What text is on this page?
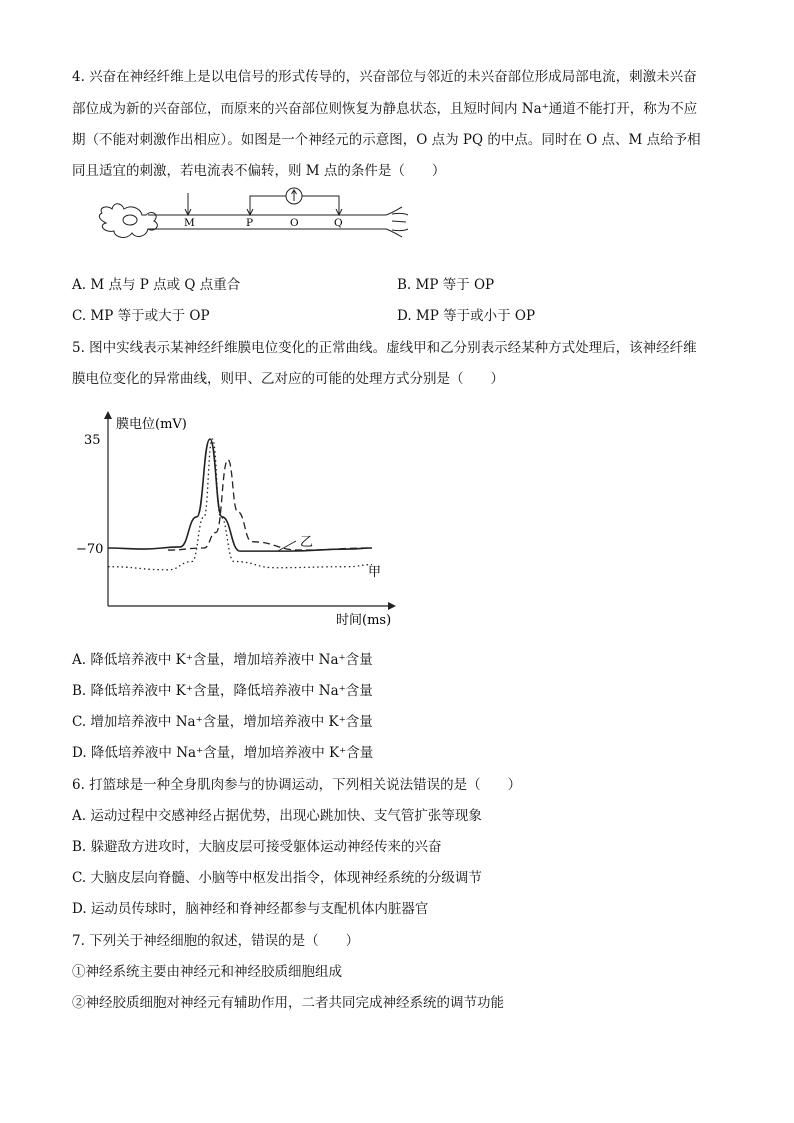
4. 兴奋在神经纤维上是以电信号的形式传导的，兴奋部位与邻近的未兴奋部位形成局部电流，刺激未兴奋
部位成为新的兴奋部位，而原来的兴奋部位则恢复为静息状态，且短时间内 Na⁺通道不能打开，称为不应
期（不能对刺激作出相应）。如图是一个神经元的示意图，O 点为 PQ 的中点。同时在 O 点、M 点给予相
同且适宜的刺激，若电流表不偏转，则 M 点的条件是（　　）
M	P	O	Q
A. M 点与 P 点或 Q 点重合	B. MP 等于 OP
C. MP 等于或大于 OP	D. MP 等于或小于 OP
5. 图中实线表示某神经纤维膜电位变化的正常曲线。虚线甲和乙分别表示经某种方式处理后，该神经纤维
膜电位变化的异常曲线，则甲、乙对应的可能的处理方式分别是（　　）
膜电位(mV)
时间(ms)
35
−70	乙
甲
A. 降低培养液中 K⁺含量，增加培养液中 Na⁺含量
B. 降低培养液中 K⁺含量，降低培养液中 Na⁺含量
C. 增加培养液中 Na⁺含量，增加培养液中 K⁺含量
D. 降低培养液中 Na⁺含量，增加培养液中 K⁺含量
6. 打篮球是一种全身肌肉参与的协调运动，下列相关说法错误的是（　　）
A. 运动过程中交感神经占据优势，出现心跳加快、支气管扩张等现象
B. 躲避敌方进攻时，大脑皮层可接受躯体运动神经传来的兴奋
C. 大脑皮层向脊髓、小脑等中枢发出指令，体现神经系统的分级调节
D. 运动员传球时，脑神经和脊神经都参与支配机体内脏器官
7. 下列关于神经细胞的叙述，错误的是（　　）
①神经系统主要由神经元和神经胶质细胞组成
②神经胶质细胞对神经元有辅助作用，二者共同完成神经系统的调节功能
